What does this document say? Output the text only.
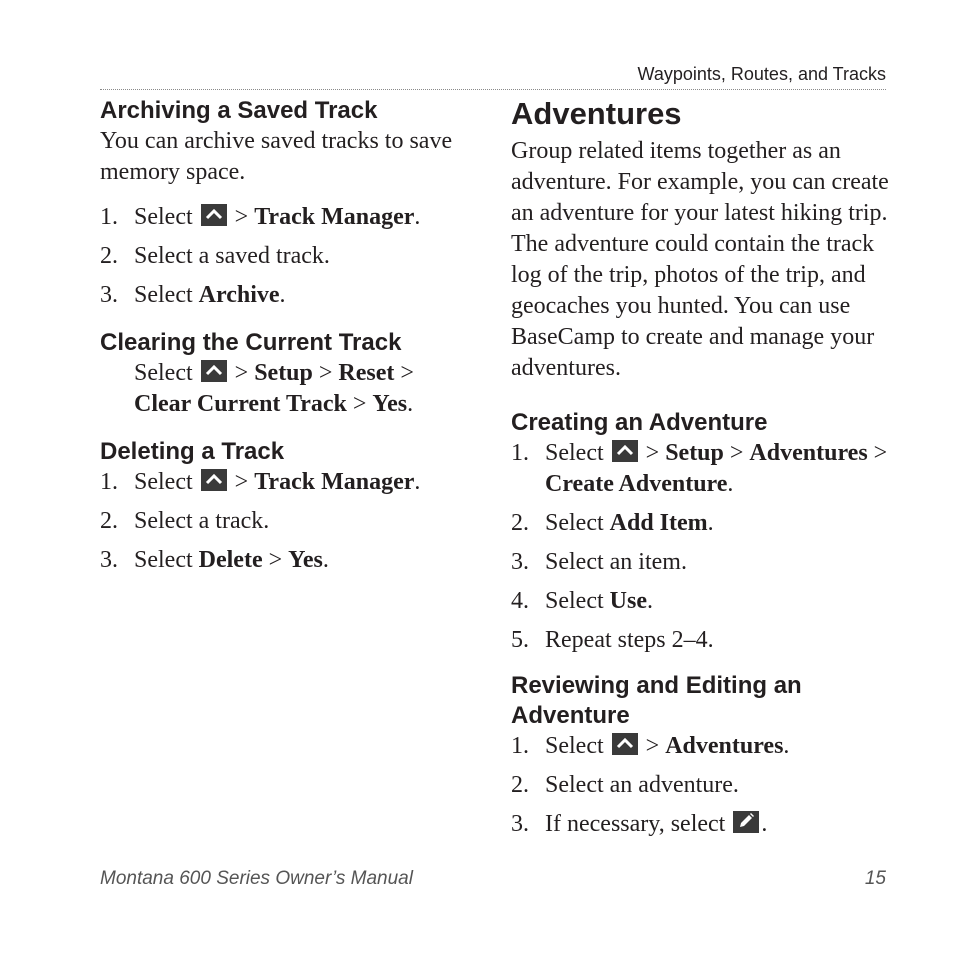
Waypoints, Routes, and Tracks
Archiving a Saved Track

You can archive saved tracks to save memory space.

1. Select
> Track Manager.
2. Select a saved track.
3. Select Archive.
Clearing the Current Track

Select
> Setup > Reset > Clear Current Track > Yes.

Deleting a Track
1. Select
> Track Manager.
2. Select a track.
3. Select Delete > Yes.
Adventures

Group related items together as an adventure. For example, you can create an adventure for your latest hiking trip. The adventure could contain the track log of the trip, photos of the trip, and geocaches you hunted. You can use BaseCamp to create and manage your adventures.

Creating an Adventure
1. Select
> Setup > Adventures > Create Adventure.
2. Select Add Item.
3. Select an item.
4. Select Use.
5. Repeat steps 2–4.
Reviewing and Editing an Adventure
1. Select
> Adventures.
2. Select an adventure.
3. If necessary, select
.
Montana 600 Series Owner’s Manual	15
